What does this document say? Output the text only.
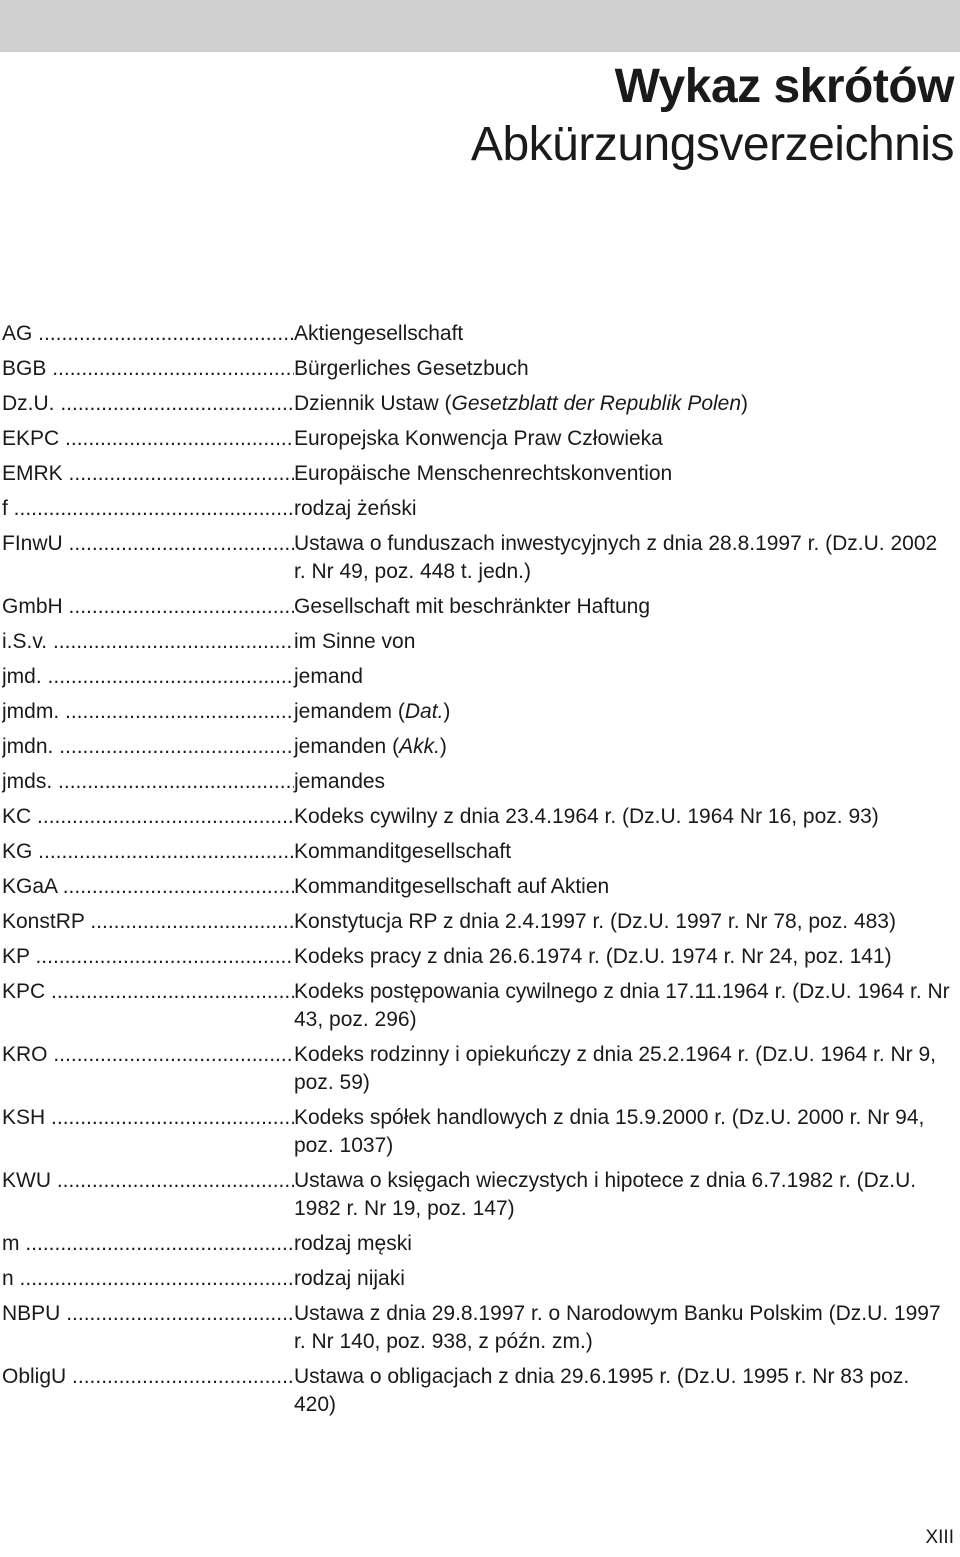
Wykaz skrótów
Abkürzungsverzeichnis
AG .....	Aktiengesellschaft
BGB .....	Bürgerliches Gesetzbuch
Dz.U. .....	Dziennik Ustaw (Gesetzblatt der Republik Polen)
EKPC .....	Europejska Konwencja Praw Człowieka
EMRK .....	Europäische Menschenrechtskonvention
f .....	rodzaj żeński
FInwU .....	Ustawa o funduszach inwestycyjnych z dnia 28.8.1997 r. (Dz.U. 2002 r. Nr 49, poz. 448 t. jedn.)
GmbH .....	Gesellschaft mit beschränkter Haftung
i.S.v. .....	im Sinne von
jmd. .....	jemand
jmdm. .....	jemandem (Dat.)
jmdn. .....	jemanden (Akk.)
jmds. .....	jemandes
KC .....	Kodeks cywilny z dnia 23.4.1964 r. (Dz.U. 1964 Nr 16, poz. 93)
KG .....	Kommanditgesellschaft
KGaA .....	Kommanditgesellschaft auf Aktien
KonstRP .....	Konstytucja RP z dnia 2.4.1997 r. (Dz.U. 1997 r. Nr 78, poz. 483)
KP .....	Kodeks pracy z dnia 26.6.1974 r. (Dz.U. 1974 r. Nr 24, poz. 141)
KPC .....	Kodeks postępowania cywilnego z dnia 17.11.1964 r. (Dz.U. 1964 r. Nr 43, poz. 296)
KRO .....	Kodeks rodzinny i opiekuńczy z dnia 25.2.1964 r. (Dz.U. 1964 r. Nr 9, poz. 59)
KSH .....	Kodeks spółek handlowych z dnia 15.9.2000 r. (Dz.U. 2000 r. Nr 94, poz. 1037)
KWU .....	Ustawa o księgach wieczystych i hipotece z dnia 6.7.1982 r. (Dz.U. 1982 r. Nr 19, poz. 147)
m .....	rodzaj męski
n .....	rodzaj nijaki
NBPU .....	Ustawa z dnia 29.8.1997 r. o Narodowym Banku Polskim (Dz.U. 1997 r. Nr 140, poz. 938, z późn. zm.)
ObligU .....	Ustawa o obligacjach z dnia 29.6.1995 r. (Dz.U. 1995 r. Nr 83 poz. 420)
XIII
